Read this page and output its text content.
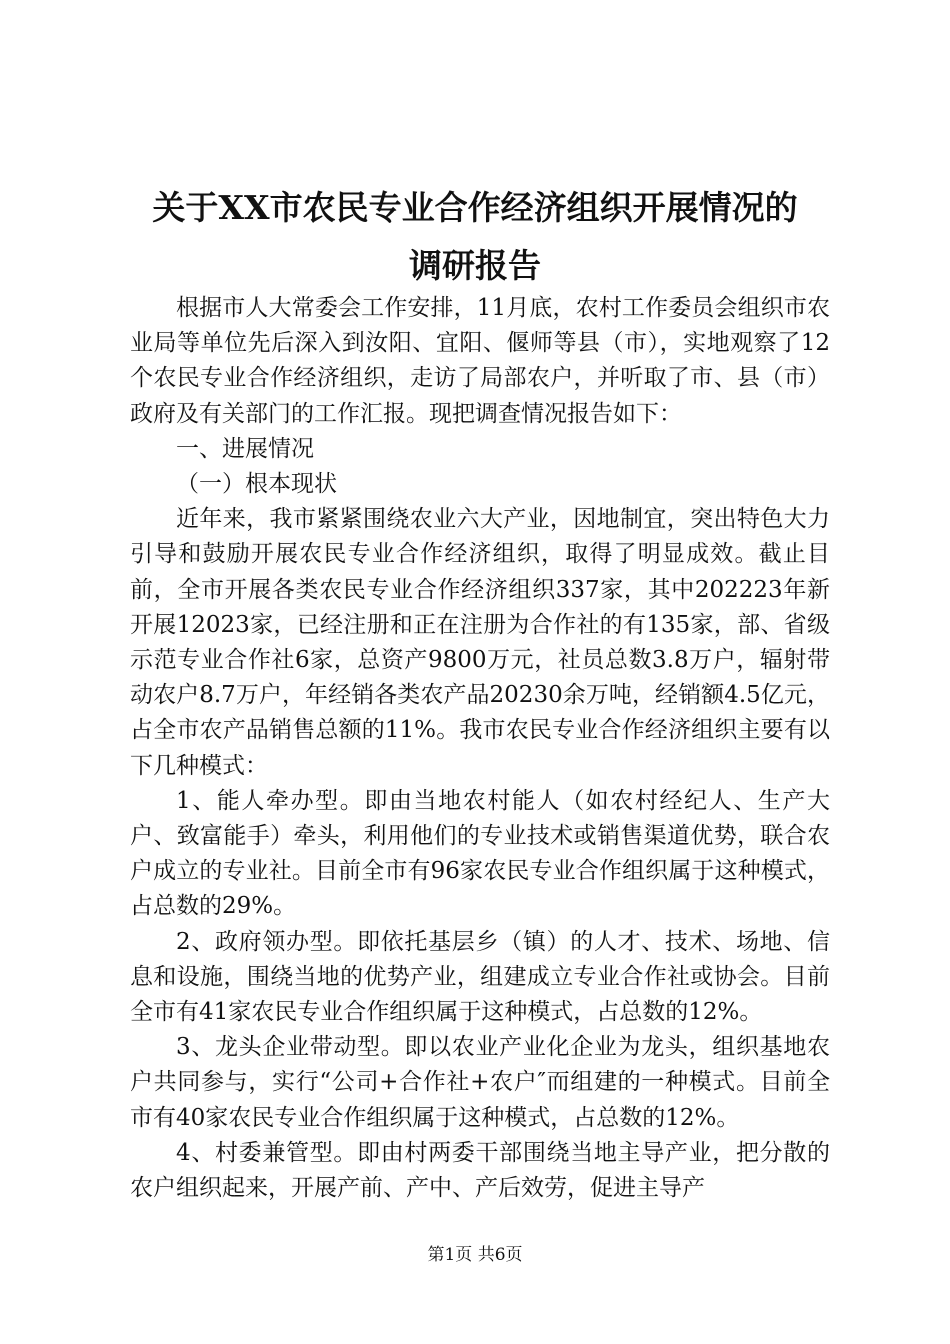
关于XX市农民专业合作经济组织开展情况的
调研报告

根据市人大常委会工作安排，11月底，农村工作委员会组织市农业局等单位先后深入到汝阳、宜阳、偃师等县（市），实地观察了12个农民专业合作经济组织，走访了局部农户，并听取了市、县（市）政府及有关部门的工作汇报。现把调查情况报告如下：

一、进展情况

（一）根本现状

近年来，我市紧紧围绕农业六大产业，因地制宜，突出特色大力引导和鼓励开展农民专业合作经济组织，取得了明显成效。截止目前，全市开展各类农民专业合作经济组织337家，其中202223年新开展12023家，已经注册和正在注册为合作社的有135家，部、省级示范专业合作社6家，总资产9800万元，社员总数3.8万户，辐射带动农户8.7万户，年经销各类农产品20230余万吨，经销额4.5亿元，占全市农产品销售总额的11%。我市农民专业合作经济组织主要有以下几种模式：

1、能人牵办型。即由当地农村能人（如农村经纪人、生产大户、致富能手）牵头，利用他们的专业技术或销售渠道优势，联合农户成立的专业社。目前全市有96家农民专业合作组织属于这种模式，占总数的29%。

2、政府领办型。即依托基层乡（镇）的人才、技术、场地、信息和设施，围绕当地的优势产业，组建成立专业合作社或协会。目前全市有41家农民专业合作组织属于这种模式，占总数的12%。

3、龙头企业带动型。即以农业产业化企业为龙头，组织基地农户共同参与，实行“公司+合作社+农户″而组建的一种模式。目前全市有40家农民专业合作组织属于这种模式，占总数的12%。

4、村委兼管型。即由村两委干部围绕当地主导产业，把分散的农户组织起来，开展产前、产中、产后效劳，促进主导产

第1页 共6页
